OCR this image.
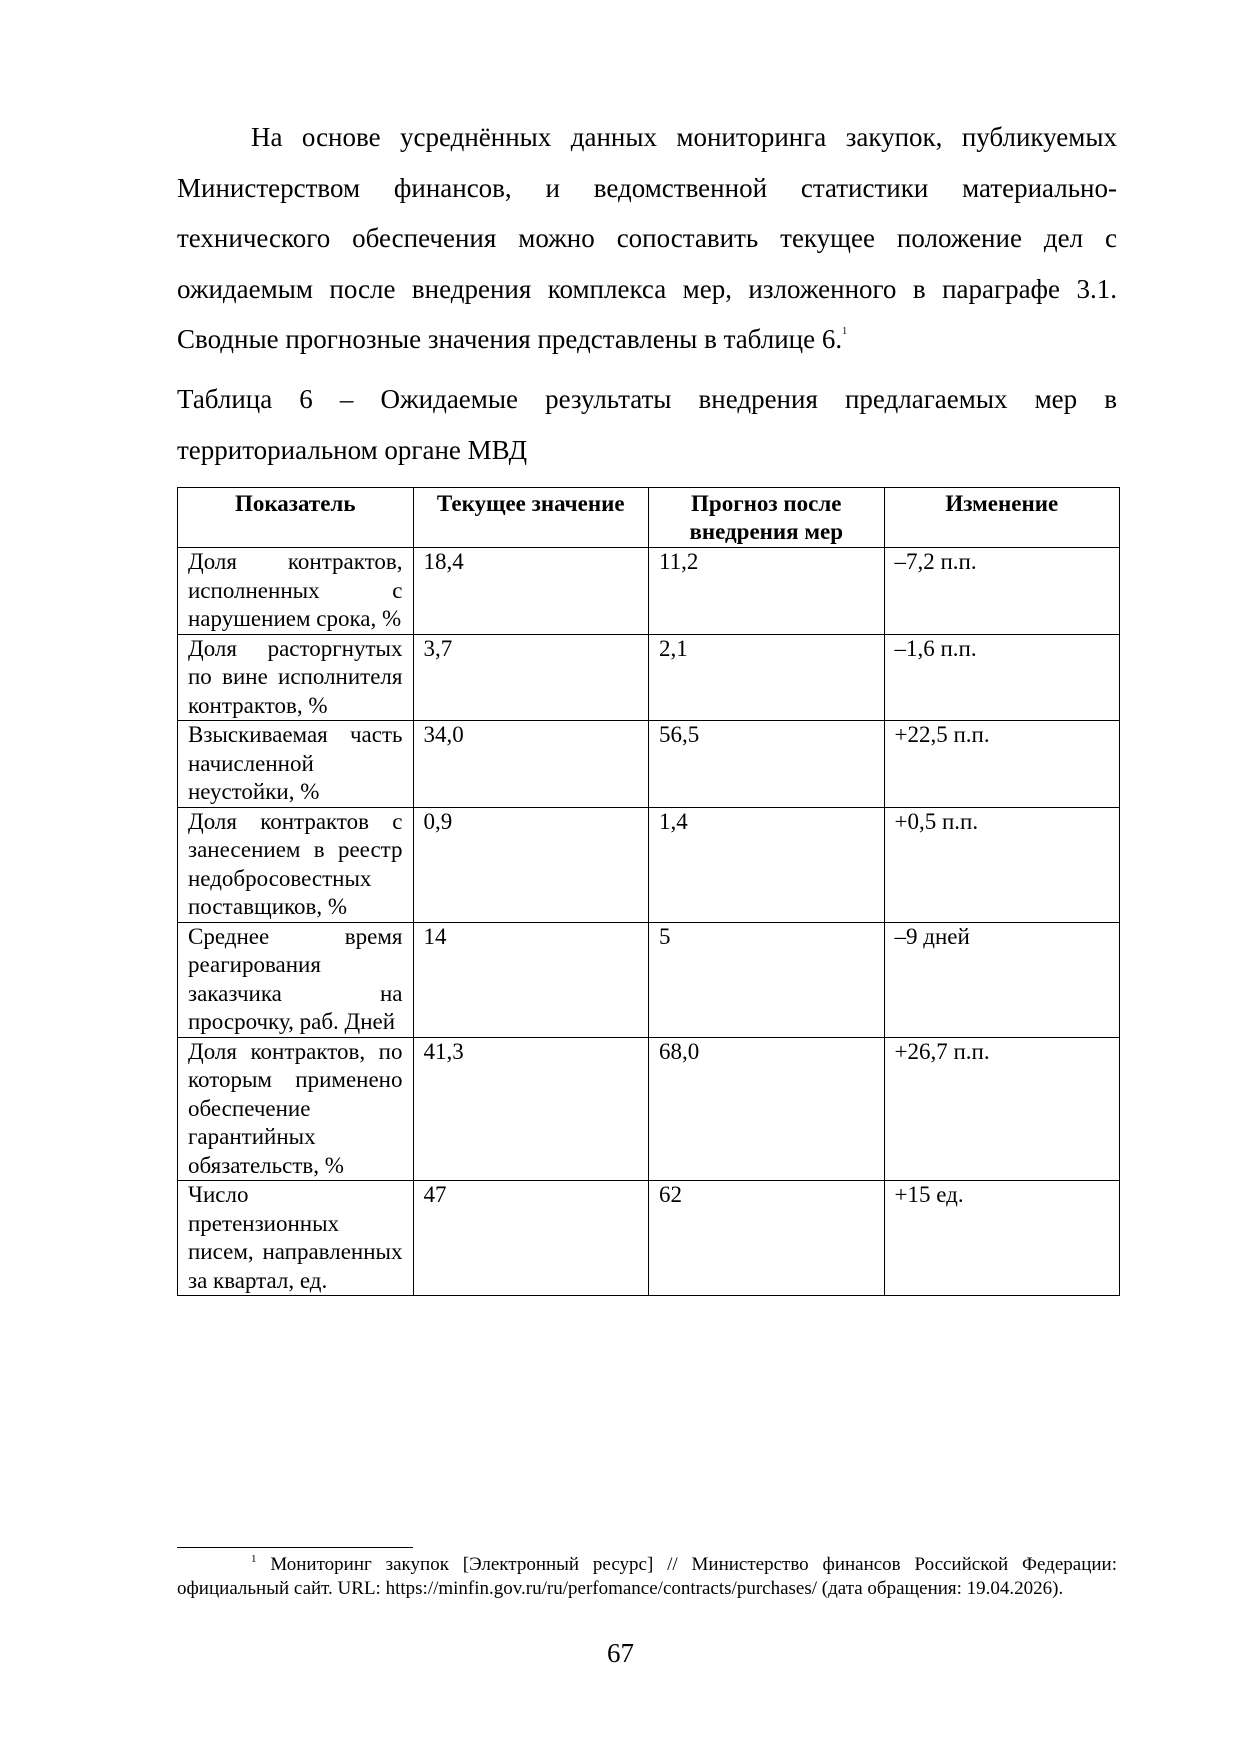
На основе усреднённых данных мониторинга закупок, публикуемых Министерством финансов, и ведомственной статистики материально-технического обеспечения можно сопоставить текущее положение дел с ожидаемым после внедрения комплекса мер, изложенного в параграфе 3.1. Сводные прогнозные значения представлены в таблице 6.$^1$

Таблица 6 – Ожидаемые результаты внедрения предлагаемых мер в территориальном органе МВД

Показатель	Текущее значение	Прогноз после внедрения мер	Изменение
Доля контрактов, исполненных с нарушением срока, %	18,4	11,2	–7,2 п.п.
Доля расторгнутых по вине исполнителя контрактов, %	3,7	2,1	–1,6 п.п.
Взыскиваемая часть начисленной неустойки, %	34,0	56,5	+22,5 п.п.
Доля контрактов с занесением в реестр недобросовестных поставщиков, %	0,9	1,4	+0,5 п.п.
Среднее время реагирования заказчика на просрочку, раб. Дней	14	5	–9 дней
Доля контрактов, по которым применено обеспечение гарантийных обязательств, %	41,3	68,0	+26,7 п.п.
Число претензионных писем, направленных за квартал, ед.	47	62	+15 ед.

$^1$ Мониторинг закупок [Электронный ресурс] // Министерство финансов Российской Федерации: официальный сайт. URL: https://minfin.gov.ru/ru/perfomance/contracts/purchases/ (дата обращения: 19.04.2026).

67
